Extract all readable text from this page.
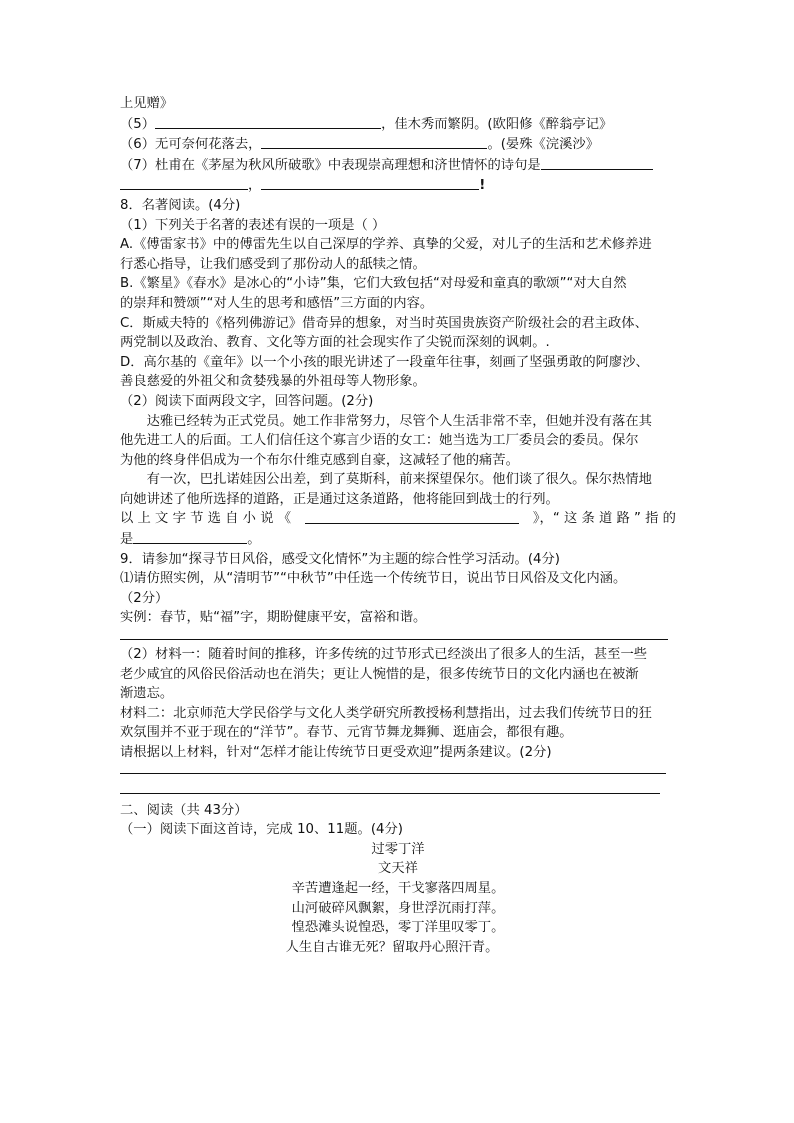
上见赠》
（5）	，佳木秀而繁阴。(欧阳修《醉翁亭记》
（6）无可奈何花落去，	。(晏殊《浣溪沙》
（7）杜甫在《茅屋为秋风所破歌》中表现崇高理想和济世情怀的诗句是
，	!
8．名著阅读。(4分)
（1）下列关于名著的表述有误的一项是（ ）
A.《傅雷家书》中的傅雷先生以自己深厚的学养、真挚的父爱，对儿子的生活和艺术修养进
行悉心指导，让我们感受到了那份动人的舐犊之情。
B.《繁星》《春水》是冰心的“小诗”集，它们大致包括“对母爱和童真的歌颂”“对大自然
的崇拜和赞颂”“对人生的思考和感悟”三方面的内容。
C．斯威夫特的《格列佛游记》借奇异的想象，对当时英国贵族资产阶级社会的君主政体、
两党制以及政治、教育、文化等方面的社会现实作了尖锐而深刻的讽刺。.
D．高尔基的《童年》以一个小孩的眼光讲述了一段童年往事，刻画了坚强勇敢的阿廖沙、
善良慈爱的外祖父和贪婪残暴的外祖母等人物形象。
（2）阅读下面两段文字，回答问题。(2分)
达雅已经转为正式党员。她工作非常努力，尽管个人生活非常不幸，但她并没有落在其
他先进工人的后面。工人们信任这个寡言少语的女工：她当选为工厂委员会的委员。保尔
为他的终身伴侣成为一个布尔什维克感到自豪，这减轻了他的痛苦。
有一次，巴扎诺娃因公出差，到了莫斯科，前来探望保尔。他们谈了很久。保尔热情地
向她讲述了他所选择的道路，正是通过这条道路，他将能回到战士的行列。
以 上 文 字 节 选 自 小 说 《	》，“ 这 条 道 路 ” 指 的
是	。
9．请参加“探寻节日风俗，感受文化情怀”为主题的综合性学习活动。(4分)
⑴请仿照实例，从“清明节”“中秋节”中任选一个传统节日，说出节日风俗及文化内涵。
（2分）
实例：春节，贴“福”字，期盼健康平安，富裕和谐。
（2）材料一：随着时间的推移，许多传统的过节形式已经淡出了很多人的生活，甚至一些
老少咸宜的风俗民俗活动也在消失；更让人惋惜的是，很多传统节日的文化内涵也在被渐
渐遗忘。
材料二：北京师范大学民俗学与文化人类学研究所教授杨利慧指出，过去我们传统节日的狂
欢氛围并不亚于现在的“洋节”。春节、元宵节舞龙舞狮、逛庙会，都很有趣。
请根据以上材料，针对“怎样才能让传统节日更受欢迎”提两条建议。(2分)
二、阅读（共 43分）
（一）阅读下面这首诗，完成 10、11题。(4分)
过零丁洋
文天祥
辛苦遭逢起一经，干戈寥落四周星。
山河破碎风飘絮，身世浮沉雨打萍。
惶恐滩头说惶恐，零丁洋里叹零丁。
人生自古谁无死？留取丹心照汗青。
